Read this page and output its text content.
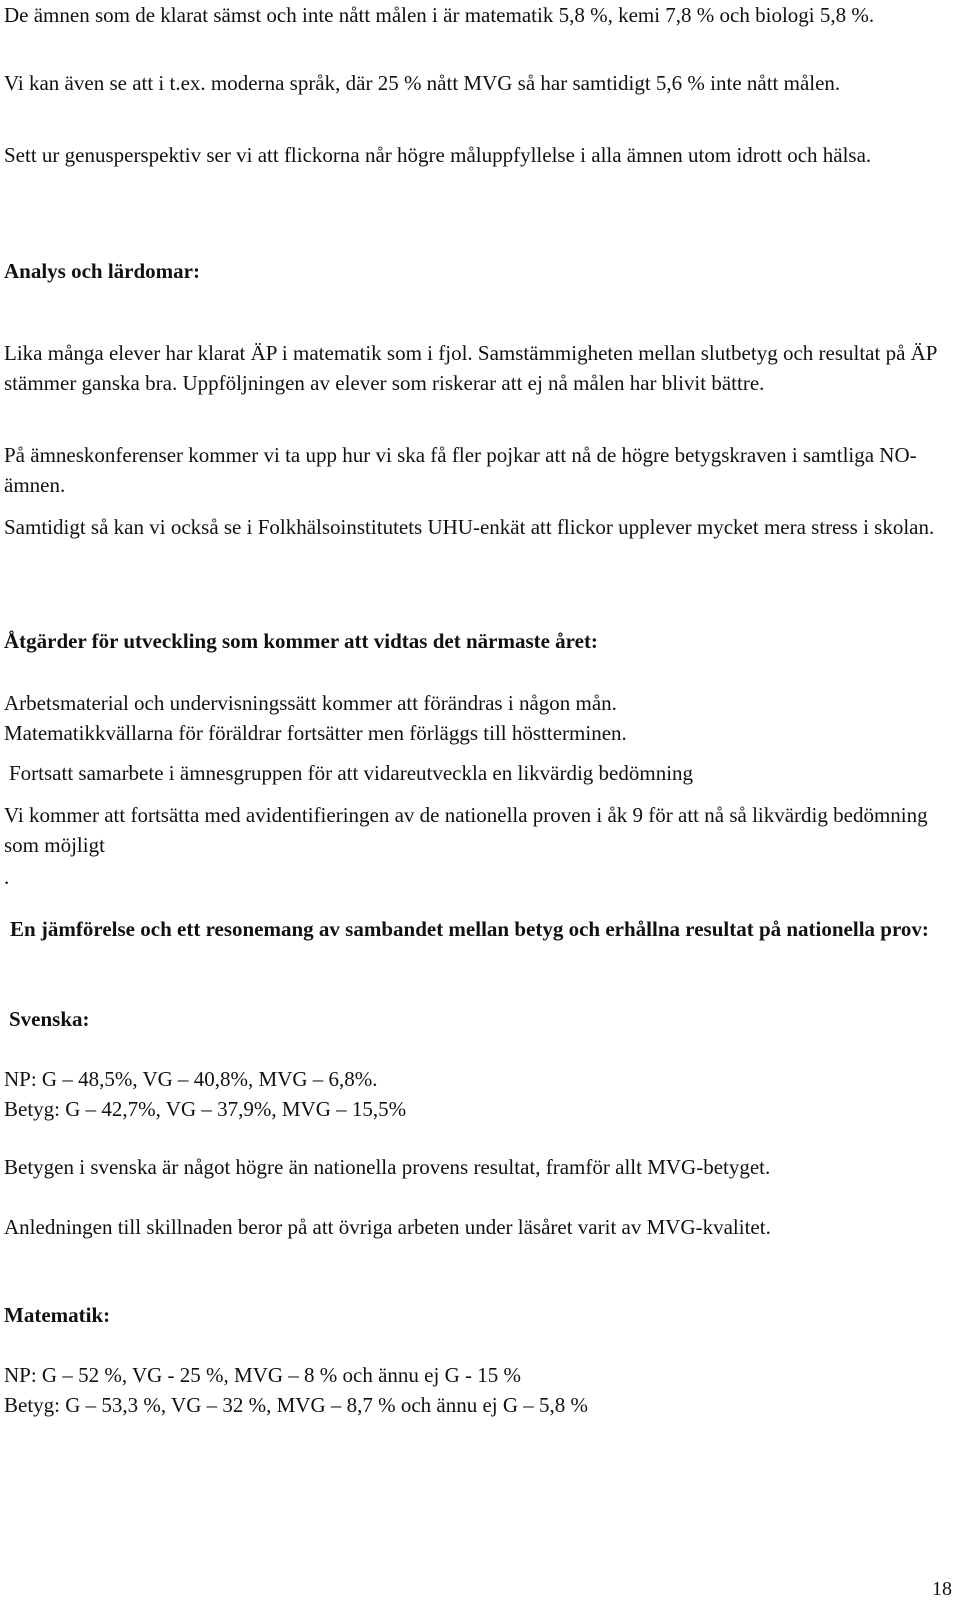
De ämnen som de klarat sämst och inte nått målen i är matematik 5,8 %, kemi 7,8 % och biologi 5,8 %.

Vi kan även se att i t.ex. moderna språk, där 25 % nått MVG så har samtidigt 5,6 % inte nått målen.

Sett ur genusperspektiv ser vi att flickorna når högre måluppfyllelse i alla ämnen utom idrott och hälsa.

Analys och lärdomar:

Lika många elever har klarat ÄP i matematik som i fjol. Samstämmigheten mellan slutbetyg och resultat på ÄP stämmer ganska bra. Uppföljningen av elever som riskerar att ej nå målen har blivit bättre.

På ämneskonferenser kommer vi ta upp hur vi ska få fler pojkar att nå de högre betygskraven i samtliga NO-ämnen.

Samtidigt så kan vi också se i Folkhälsoinstitutets UHU-enkät att flickor upplever mycket mera stress i skolan.

Åtgärder för utveckling som kommer att vidtas det närmaste året:

Arbetsmaterial och undervisningssätt kommer att förändras i någon mån.
Matematikkvällarna för föräldrar fortsätter men förläggs till höstterminen.

Fortsatt samarbete i ämnesgruppen för att vidareutveckla en likvärdig bedömning

Vi kommer att fortsätta med avidentifieringen av de nationella proven i åk 9 för att nå så likvärdig bedömning som möjligt

.

En jämförelse och ett resonemang av sambandet mellan betyg och erhållna resultat på nationella prov:
Svenska:

NP: G – 48,5%, VG – 40,8%, MVG – 6,8%.

Betyg: G – 42,7%, VG – 37,9%, MVG – 15,5%

Betygen i svenska är något högre än nationella provens resultat, framför allt MVG-betyget.

Anledningen till skillnaden beror på att övriga arbeten under läsåret varit av MVG-kvalitet.

Matematik:

NP: G – 52 %, VG - 25 %, MVG – 8 % och ännu ej G - 15 %

Betyg: G – 53,3 %, VG – 32 %, MVG – 8,7 % och ännu ej G – 5,8 %

18
